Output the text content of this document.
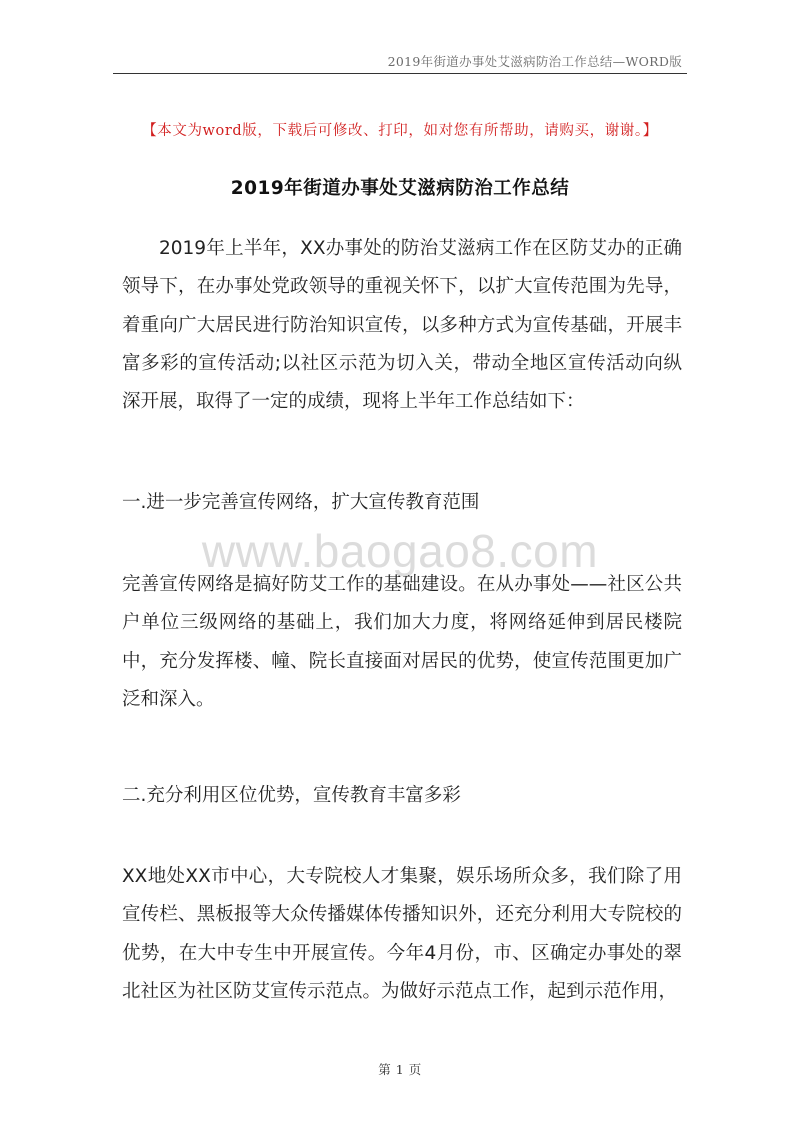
2019年街道办事处艾滋病防治工作总结—WORD版
【本文为word版，下载后可修改、打印，如对您有所帮助，请购买，谢谢。】
2019年街道办事处艾滋病防治工作总结

2019年上半年，XX办事处的防治艾滋病工作在区防艾办的正确领导下，在办事处党政领导的重视关怀下，以扩大宣传范围为先导，着重向广大居民进行防治知识宣传，以多种方式为宣传基础，开展丰富多彩的宣传活动;以社区示范为切入关，带动全地区宣传活动向纵深开展，取得了一定的成绩，现将上半年工作总结如下：

一.进一步完善宣传网络，扩大宣传教育范围

www.baogao8.com

完善宣传网络是搞好防艾工作的基础建设。在从办事处——社区公共户单位三级网络的基础上，我们加大力度，将网络延伸到居民楼院中，充分发挥楼、幢、院长直接面对居民的优势，使宣传范围更加广泛和深入。

二.充分利用区位优势，宣传教育丰富多彩

XX地处XX市中心，大专院校人才集聚，娱乐场所众多，我们除了用宣传栏、黑板报等大众传播媒体传播知识外，还充分利用大专院校的优势，在大中专生中开展宣传。今年4月份，市、区确定办事处的翠北社区为社区防艾宣传示范点。为做好示范点工作，起到示范作用，

第 1 页
